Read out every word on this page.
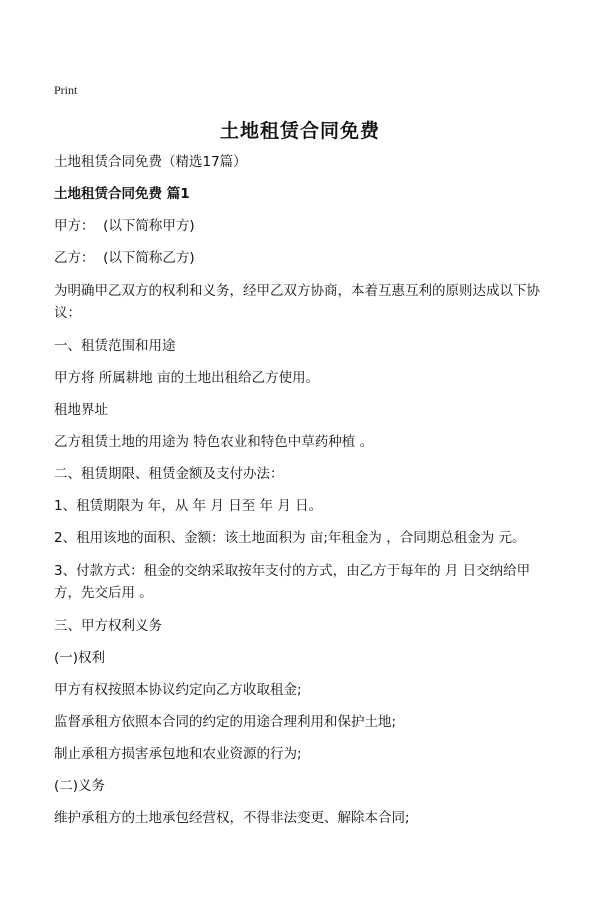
Print
土地租赁合同免费

土地租赁合同免费（精选17篇）

土地租赁合同免费 篇1

甲方：  (以下简称甲方)

乙方：  (以下简称乙方)

为明确甲乙双方的权利和义务，经甲乙双方协商，本着互惠互利的原则达成以下协议：

一、租赁范围和用途

甲方将 所属耕地 亩的土地出租给乙方使用。

租地界址

乙方租赁土地的用途为 特色农业和特色中草药种植 。

二、租赁期限、租赁金额及支付办法：

1、租赁期限为 年，从 年 月 日至 年 月 日。

2、租用该地的面积、金额：该土地面积为 亩;年租金为 ，合同期总租金为 元。

3、付款方式：租金的交纳采取按年支付的方式，由乙方于每年的 月 日交纳给甲方，先交后用 。

三、甲方权利义务

(一)权利

甲方有权按照本协议约定向乙方收取租金;

监督承租方依照本合同的约定的用途合理利用和保护土地;

制止承租方损害承包地和农业资源的行为;

(二)义务

维护承租方的土地承包经营权，不得非法变更、解除本合同;
